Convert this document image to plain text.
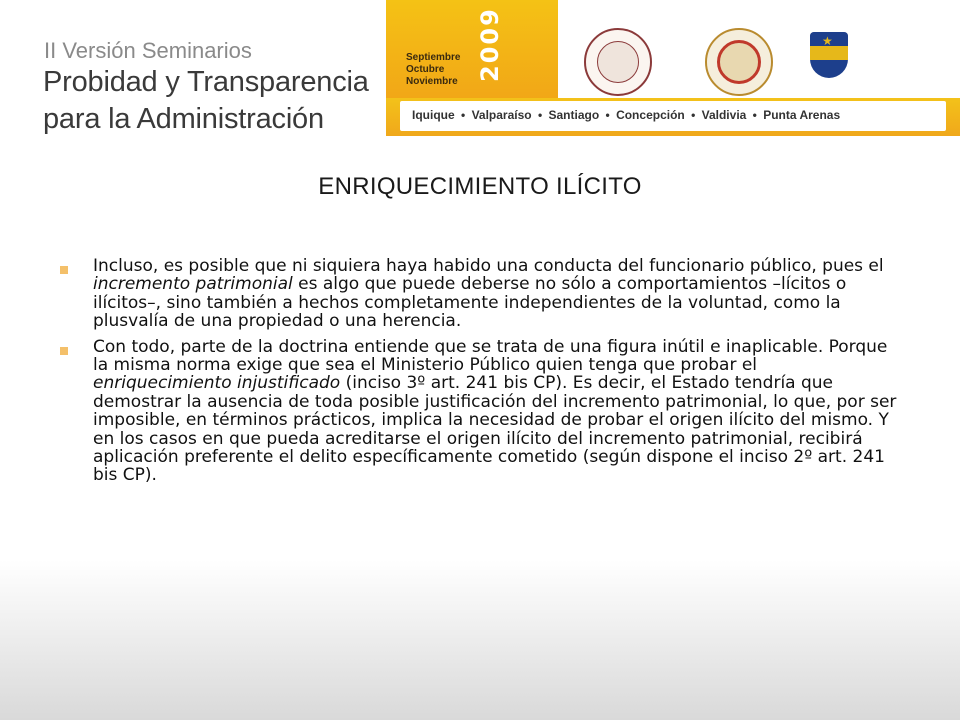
II Versión Seminarios
Probidad y Transparencia
para la Administración
Septiembre
Octubre
Noviembre 2009	★
Iquique • Valparaíso • Santiago • Concepción • Valdivia • Punta Arenas
ENRIQUECIMIENTO ILÍCITO
Incluso, es posible que ni siquiera haya habido una conducta del funcionario público, pues el incremento patrimonial es algo que puede deberse no sólo a comportamientos –lícitos o ilícitos–, sino también a hechos completamente independientes de la voluntad, como la plusvalía de una propiedad o una herencia.
Con todo, parte de la doctrina entiende que se trata de una figura inútil e inaplicable. Porque la misma norma exige que sea el Ministerio Público quien tenga que probar el enriquecimiento injustificado (inciso 3º art. 241 bis CP). Es decir, el Estado tendría que demostrar la ausencia de toda posible justificación del incremento patrimonial, lo que, por ser imposible, en términos prácticos, implica la necesidad de probar el origen ilícito del mismo. Y en los casos en que pueda acreditarse el origen ilícito del incremento patrimonial, recibirá aplicación preferente el delito específicamente cometido (según dispone el inciso 2º art. 241 bis CP).
